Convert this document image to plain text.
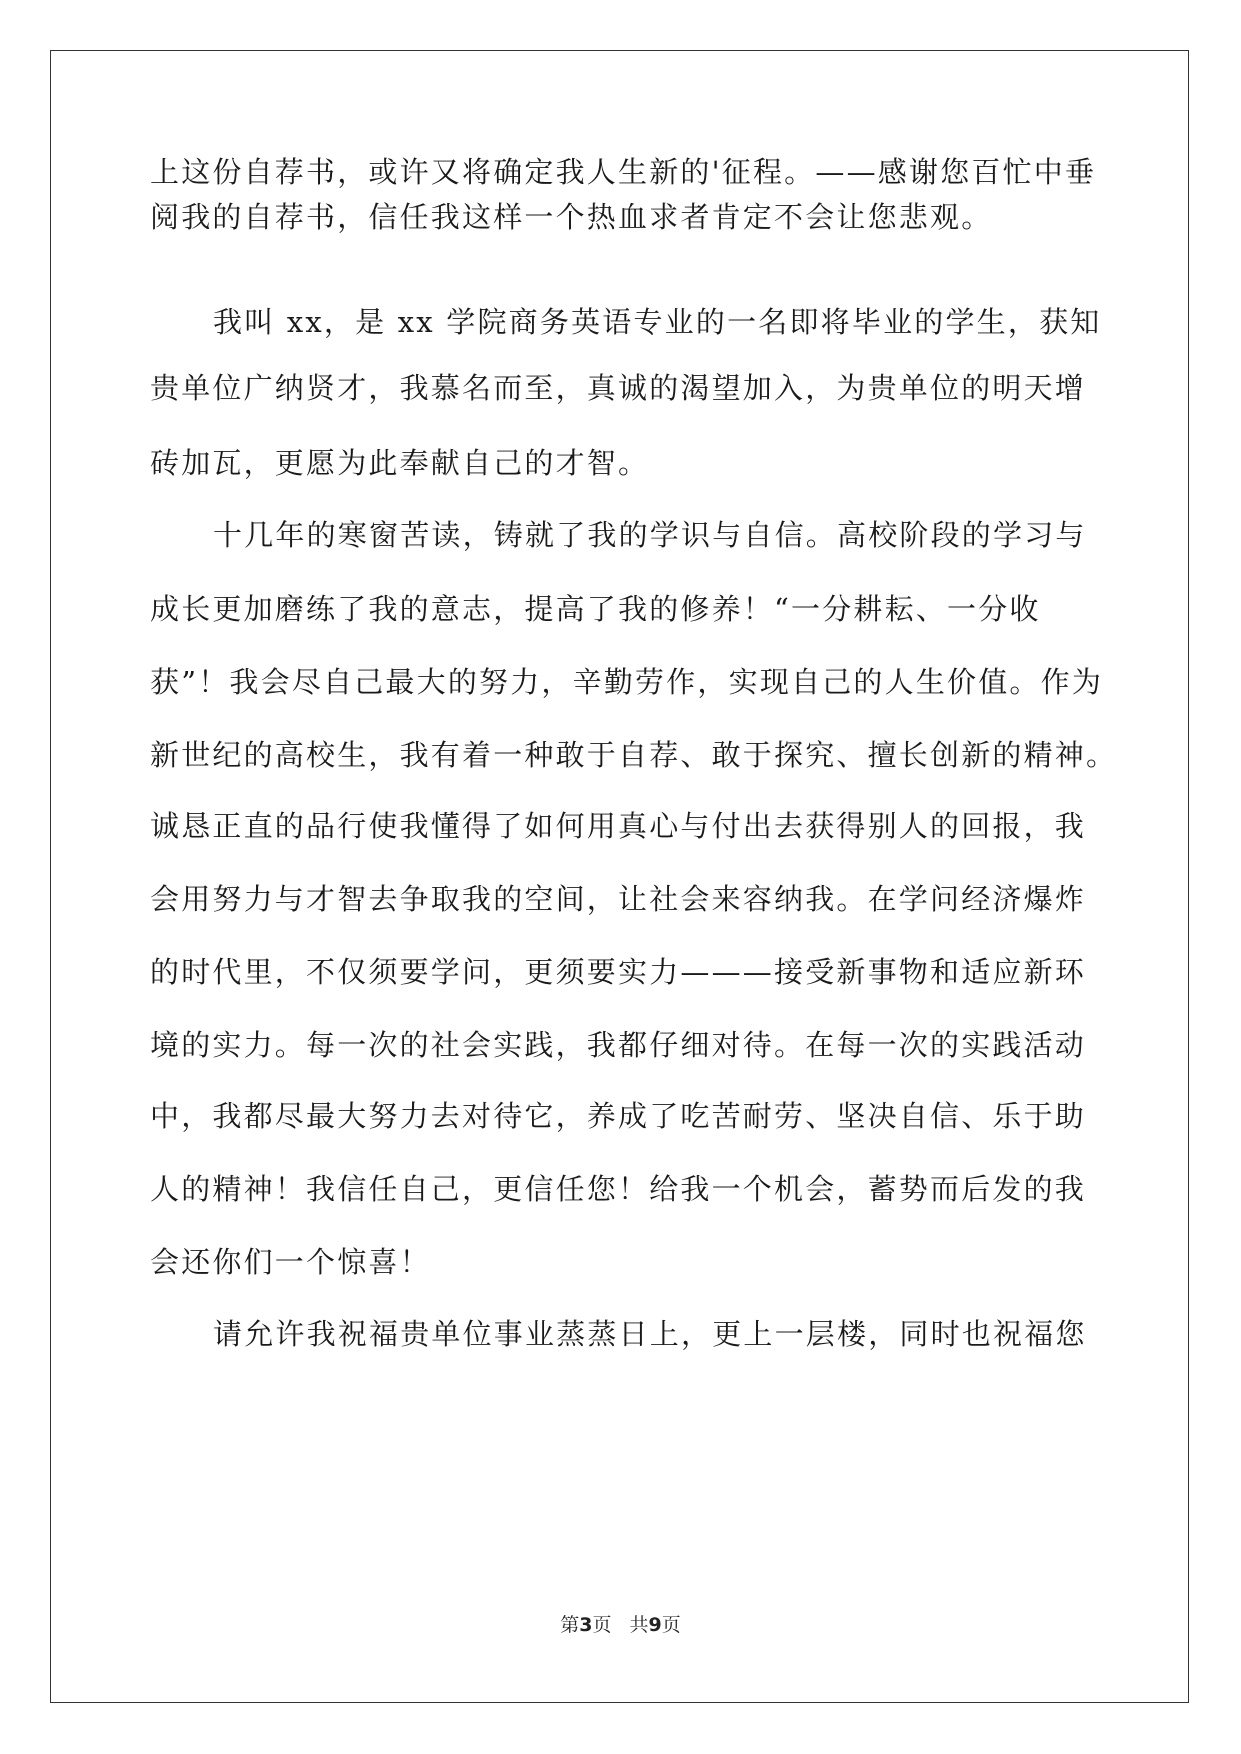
上这份自荐书，或许又将确定我人生新的'征程。——感谢您百忙中垂
阅我的自荐书，信任我这样一个热血求者肯定不会让您悲观。
我叫 xx，是 xx 学院商务英语专业的一名即将毕业的学生，获知
贵单位广纳贤才，我慕名而至，真诚的渴望加入，为贵单位的明天增
砖加瓦，更愿为此奉献自己的才智。
十几年的寒窗苦读，铸就了我的学识与自信。高校阶段的学习与
成长更加磨练了我的意志，提高了我的修养！“一分耕耘、一分收
获”！我会尽自己最大的努力，辛勤劳作，实现自己的人生价值。作为
新世纪的高校生，我有着一种敢于自荐、敢于探究、擅长创新的精神。
诚恳正直的品行使我懂得了如何用真心与付出去获得别人的回报，我
会用努力与才智去争取我的空间，让社会来容纳我。在学问经济爆炸
的时代里，不仅须要学问，更须要实力———接受新事物和适应新环
境的实力。每一次的社会实践，我都仔细对待。在每一次的实践活动
中，我都尽最大努力去对待它，养成了吃苦耐劳、坚决自信、乐于助
人的精神！我信任自己，更信任您！给我一个机会，蓄势而后发的我
会还你们一个惊喜！
请允许我祝福贵单位事业蒸蒸日上，更上一层楼，同时也祝福您
第3页 共9页
